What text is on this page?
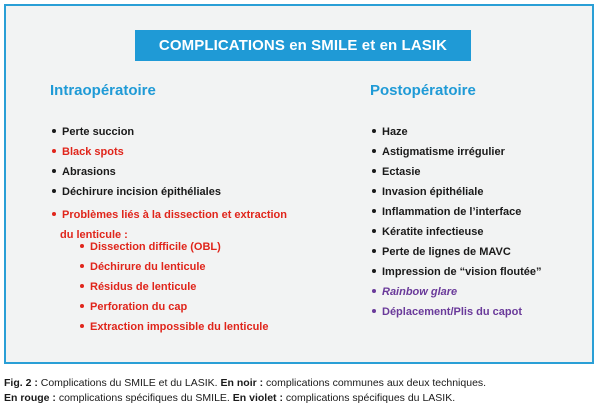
COMPLICATIONS en SMILE et en LASIK
Intraopératoire	Postopératoire
Perte succion
Black spots
Abrasions
Déchirure incision épithéliales
Problèmes liés à la dissection et extraction
du lenticule :
Dissection difficile (OBL)
Déchirure du lenticule
Résidus de lenticule
Perforation du cap
Extraction impossible du lenticule
Haze
Astigmatisme irrégulier
Ectasie
Invasion épithéliale
Inflammation de l’interface
Kératite infectieuse
Perte de lignes de MAVC
Impression de “vision floutée”
Rainbow glare
Déplacement/Plis du capot
Fig. 2 : Complications du SMILE et du LASIK. En noir : complications communes aux deux techniques.
En rouge : complications spécifiques du SMILE. En violet : complications spécifiques du LASIK.
